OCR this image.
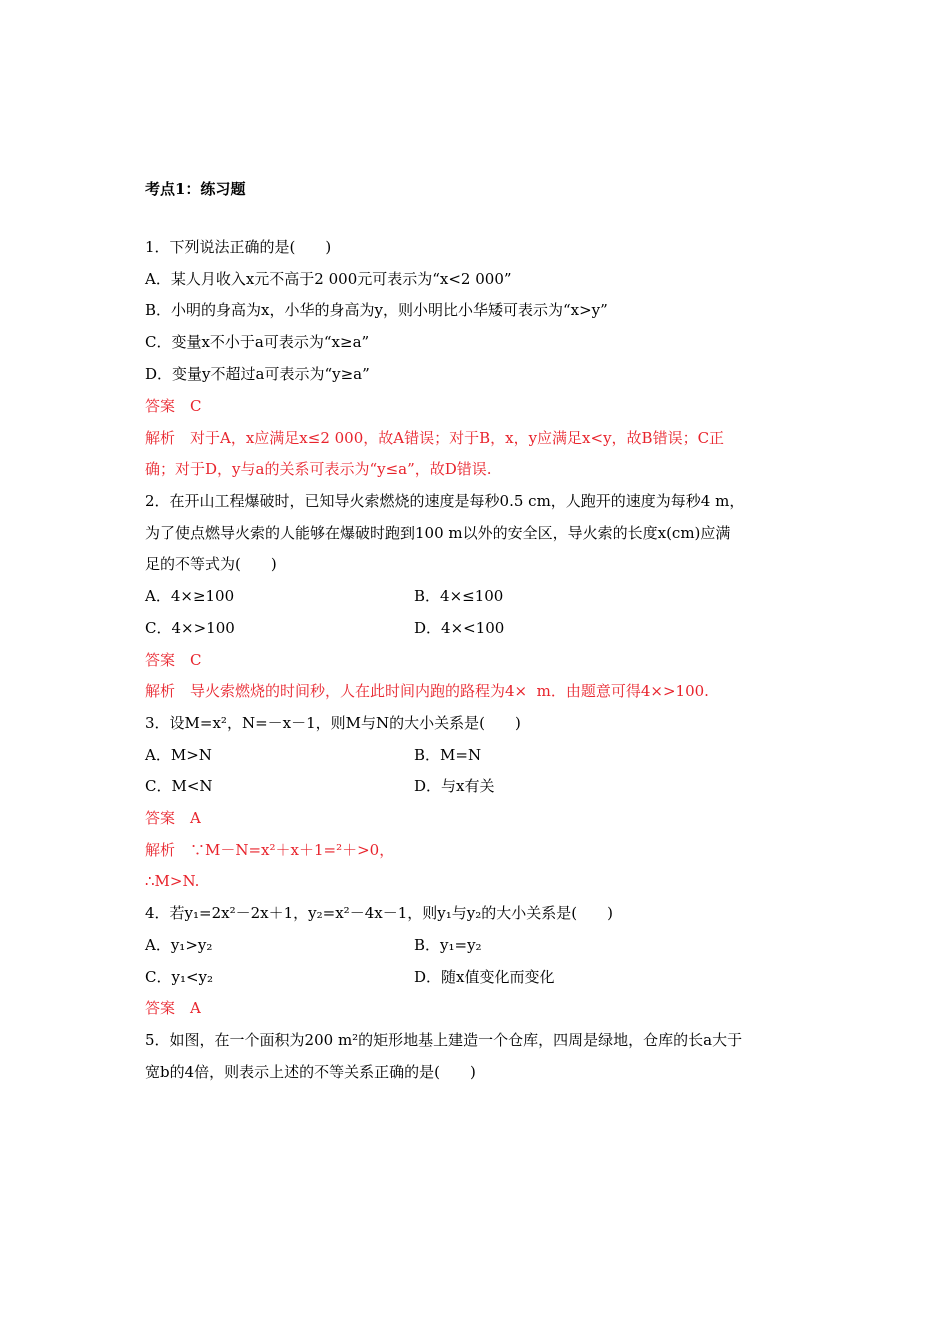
考点1：练习题
1．下列说法正确的是(　　)
A．某人月收入x元不高于2 000元可表示为“x<2 000”
B．小明的身高为x，小华的身高为y，则小明比小华矮可表示为“x>y”
C．变量x不小于a可表示为“x≥a”
D．变量y不超过a可表示为“y≥a”
答案　C
解析　对于A，x应满足x≤2 000，故A错误；对于B，x，y应满足x<y，故B错误；C正
确；对于D，y与a的关系可表示为“y≤a”，故D错误.
2．在开山工程爆破时，已知导火索燃烧的速度是每秒0.5 cm，人跑开的速度为每秒4 m，
为了使点燃导火索的人能够在爆破时跑到100 m以外的安全区，导火索的长度x(cm)应满
足的不等式为(　　)
A．4×≥100	B．4×≤100
C．4×>100	D．4×<100
答案　C
解析　导火索燃烧的时间秒，人在此时间内跑的路程为4×  m．由题意可得4×>100.
3．设M=x²，N=－x－1，则M与N的大小关系是(　　)
A．M>N	B．M=N
C．M<N	D．与x有关
答案　A
解析　∵M－N=x²＋x＋1=²＋>0，
∴M>N.
4．若y₁=2x²－2x＋1，y₂=x²－4x－1，则y₁与y₂的大小关系是(　　)
A．y₁>y₂	B．y₁=y₂
C．y₁<y₂	D．随x值变化而变化
答案　A
5．如图，在一个面积为200 m²的矩形地基上建造一个仓库，四周是绿地，仓库的长a大于
宽b的4倍，则表示上述的不等关系正确的是(　　)
